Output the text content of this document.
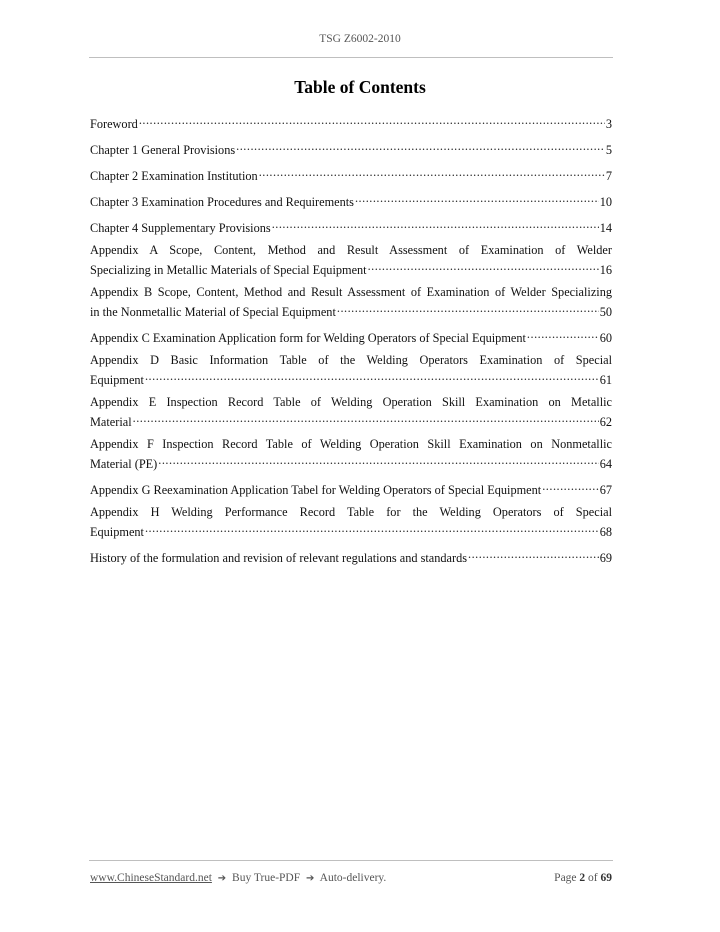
TSG Z6002-2010
Table of Contents
Foreword .....	3
Chapter 1 General Provisions .....	5
Chapter 2 Examination Institution .....	7
Chapter 3 Examination Procedures and Requirements .....	10
Chapter 4 Supplementary Provisions .....	14
Appendix A Scope, Content, Method and Result Assessment of Examination of Welder
Specializing in Metallic Materials of Special Equipment .....	16
Appendix B Scope, Content, Method and Result Assessment of Examination of Welder Specializing
in the Nonmetallic Material of Special Equipment .....	50
Appendix C Examination Application form for Welding Operators of Special Equipment .....	60
Appendix D Basic Information Table of the Welding Operators Examination of Special
Equipment .....	61
Appendix E Inspection Record Table of Welding Operation Skill Examination on Metallic
Material .....	62
Appendix F Inspection Record Table of Welding Operation Skill Examination on Nonmetallic
Material (PE) .....	64
Appendix G Reexamination Application Tabel for Welding Operators of Special Equipment .....	67
Appendix H Welding Performance Record Table for the Welding Operators of Special
Equipment .....	68
History of the formulation and revision of relevant regulations and standards .....	69
www.ChineseStandard.net ➔ Buy True-PDF ➔ Auto-delivery.	Page 2 of 69
